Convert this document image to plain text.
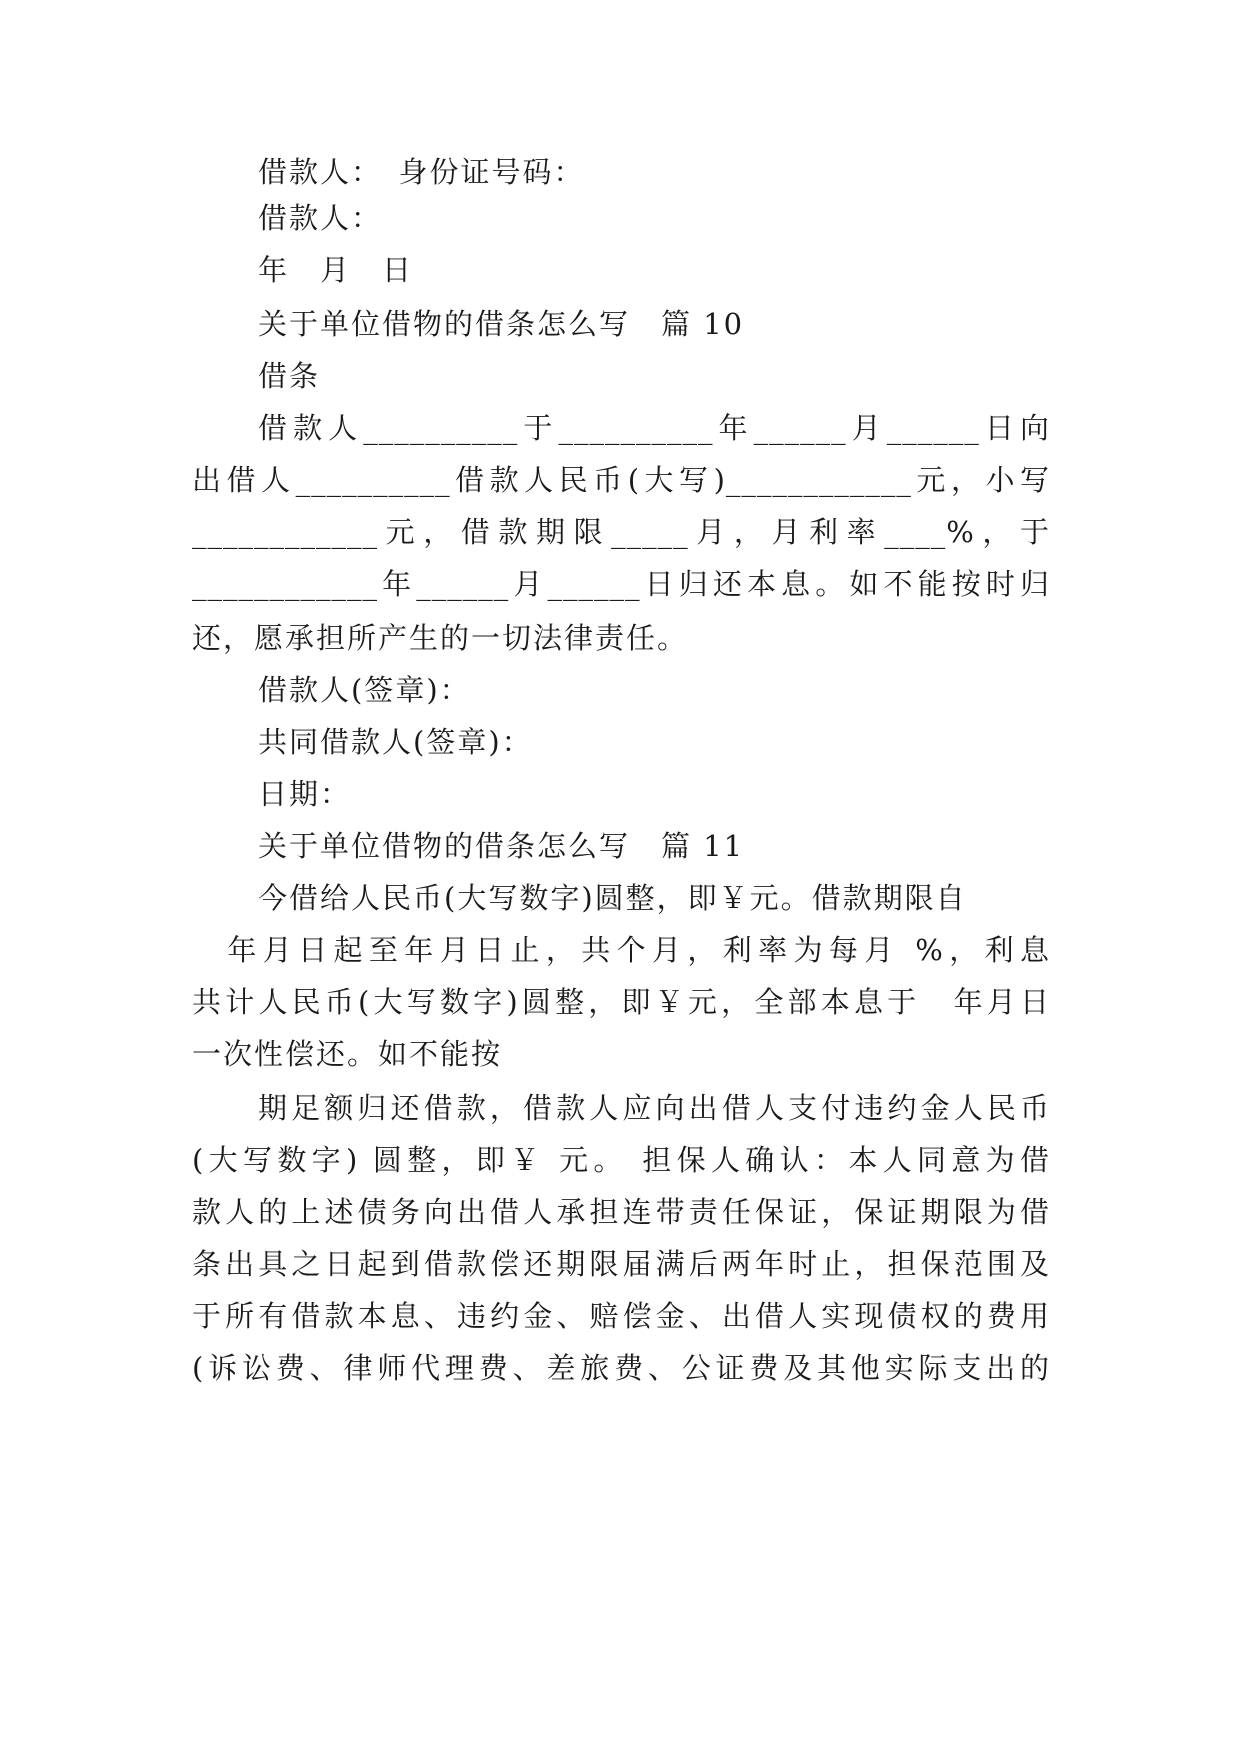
借款人：　身份证号码：
借款人：
年　月　日
关于单位借物的借条怎么写　篇 10
借条
借款人__________于__________年______月______日向
出借人__________借款人民币(大写)____________元，小写
____________元，借款期限_____月，月利率____%，于
____________年______月______日归还本息。如不能按时归
还，愿承担所产生的一切法律责任。
借款人(签章)：
共同借款人(签章)：
日期：
关于单位借物的借条怎么写　篇 11
今借给人民币(大写数字)圆整，即￥元。借款期限自
　年月日起至年月日止，共个月，利率为每月 %，利息
共计人民币(大写数字)圆整，即￥元，全部本息于　年月日
一次性偿还。如不能按
期足额归还借款，借款人应向出借人支付违约金人民币
(大写数字) 圆整，即￥ 元。 担保人确认：本人同意为借
款人的上述债务向出借人承担连带责任保证，保证期限为借
条出具之日起到借款偿还期限届满后两年时止，担保范围及
于所有借款本息、违约金、赔偿金、出借人实现债权的费用
(诉讼费、律师代理费、差旅费、公证费及其他实际支出的
